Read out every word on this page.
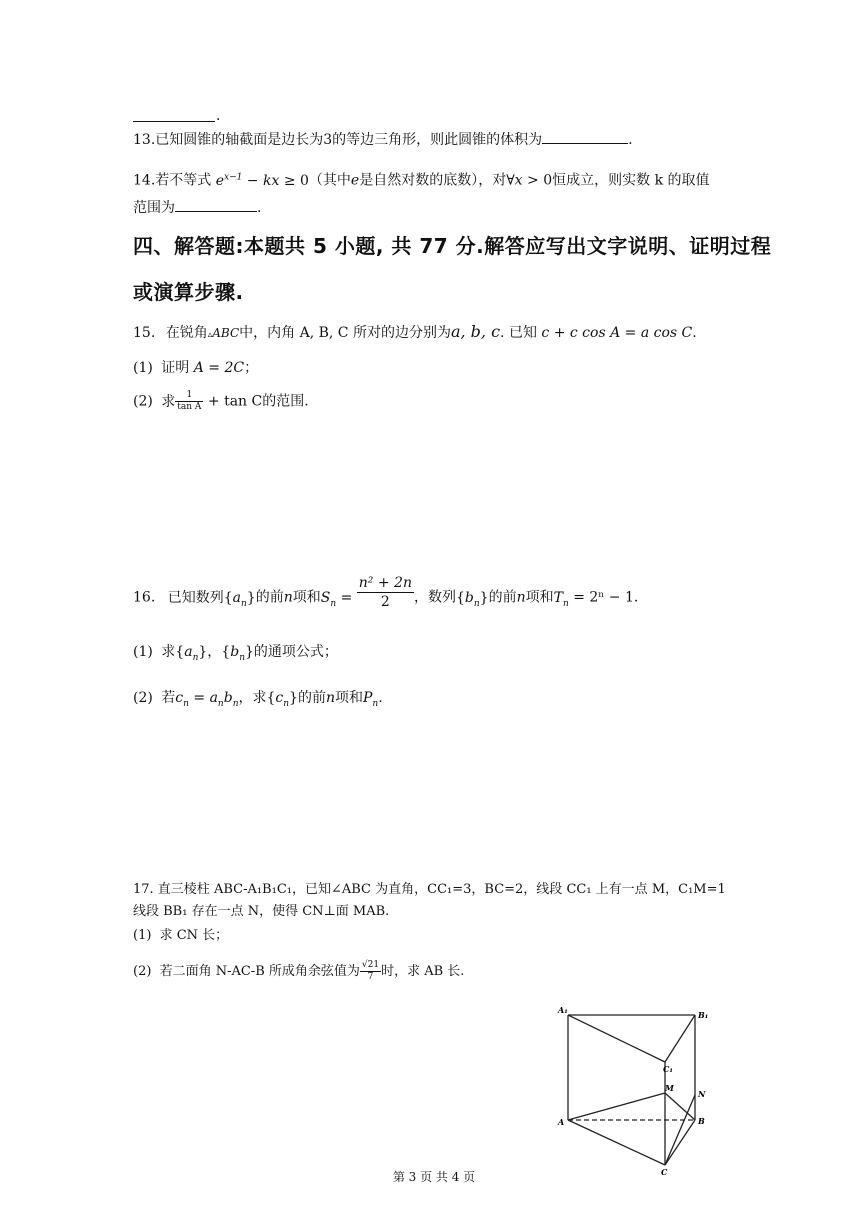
.
13.已知圆锥的轴截面是边长为3的等边三角形，则此圆锥的体积为	.
14.若不等式 $e^{x-1}$ − kx ≥ 0（其中e是自然对数的底数），对∀x > 0恒成立，则实数 k 的取值
范围为	.
四、解答题:本题共 5 小题, 共 77 分.解答应写出文字说明、证明过程
或演算步骤.
15. 在锐角▵ABC中，内角 A, B, C 所对的边分别为a, b, c. 已知 c + c cos A = a cos C.
(1) 证明 A = 2C；
(2) 求 $\frac{1}{\text{tan A}} + \tan C$的范围.
16. 已知数列$\{a_n\}$的前n项和$S_n = \frac{\text{n² + 2n}}{2}$ ，数列$\{b_n\}$的前n项和$T_n = 2^n - 1$.
(1) 求$\{a_n\}$，$\{b_n\}$的通项公式；
(2) 若$c_n = a_nb_n$，求$\{c_n\}$的前n项和$P_n$.
17. 直三棱柱 ABC-A₁B₁C₁，已知∠ABC 为直角，CC₁=3，BC=2，线段 CC₁ 上有一点 M，C₁M=1
线段 BB₁ 存在一点 N，使得 CN⊥面 MAB.
(1) 求 CN 长；
(2) 若二面角 N-AC-B 所成角余弦值为 $\frac{√21}{7}$ 时，求 AB 长.
A₁	B₁
C₁
M
N
A	B
C
第 3 页 共 4 页
